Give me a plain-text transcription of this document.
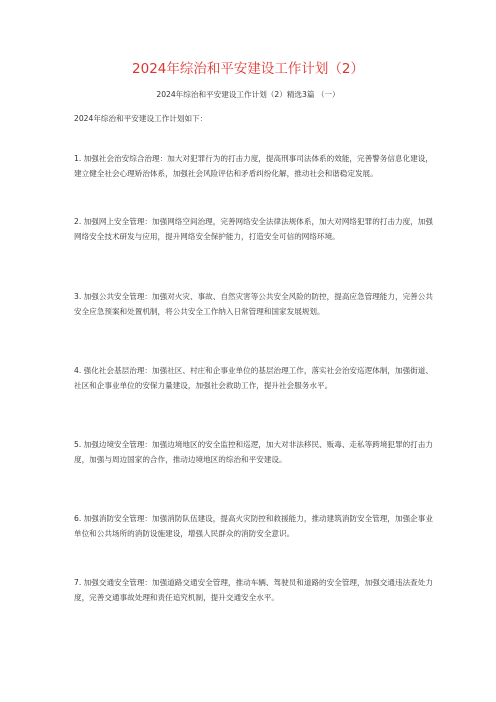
2024年综治和平安建设工作计划（2）
2024年综治和平安建设工作计划（2）精选3篇 （一）
2024年综治和平安建设工作计划如下：

1. 加强社会治安综合治理：加大对犯罪行为的打击力度，提高刑事司法体系的效能，完善警务信息化建设，建立健全社会心理矫治体系，加强社会风险评估和矛盾纠纷化解，推动社会和谐稳定发展。

2. 加强网上安全管理：加强网络空间治理，完善网络安全法律法规体系，加大对网络犯罪的打击力度，加强网络安全技术研发与应用，提升网络安全保护能力，打造安全可信的网络环境。

3. 加强公共安全管理：加强对火灾、事故、自然灾害等公共安全风险的防控，提高应急管理能力，完善公共安全应急预案和处置机制，将公共安全工作纳入日常管理和国家发展规划。

4. 强化社会基层治理：加强社区、村庄和企事业单位的基层治理工作，落实社会治安巡逻体制，加强街道、社区和企事业单位的安保力量建设，加强社会救助工作，提升社会服务水平。

5. 加强边境安全管理：加强边境地区的安全监控和巡逻，加大对非法移民、贩毒、走私等跨境犯罪的打击力度，加强与周边国家的合作，推动边境地区的综治和平安建设。

6. 加强消防安全管理：加强消防队伍建设，提高火灾防控和救援能力，推动建筑消防安全管理，加强企事业单位和公共场所的消防设施建设，增强人民群众的消防安全意识。

7. 加强交通安全管理：加强道路交通安全管理，推动车辆、驾驶员和道路的安全管理，加强交通违法查处力度，完善交通事故处理和责任追究机制，提升交通安全水平。
